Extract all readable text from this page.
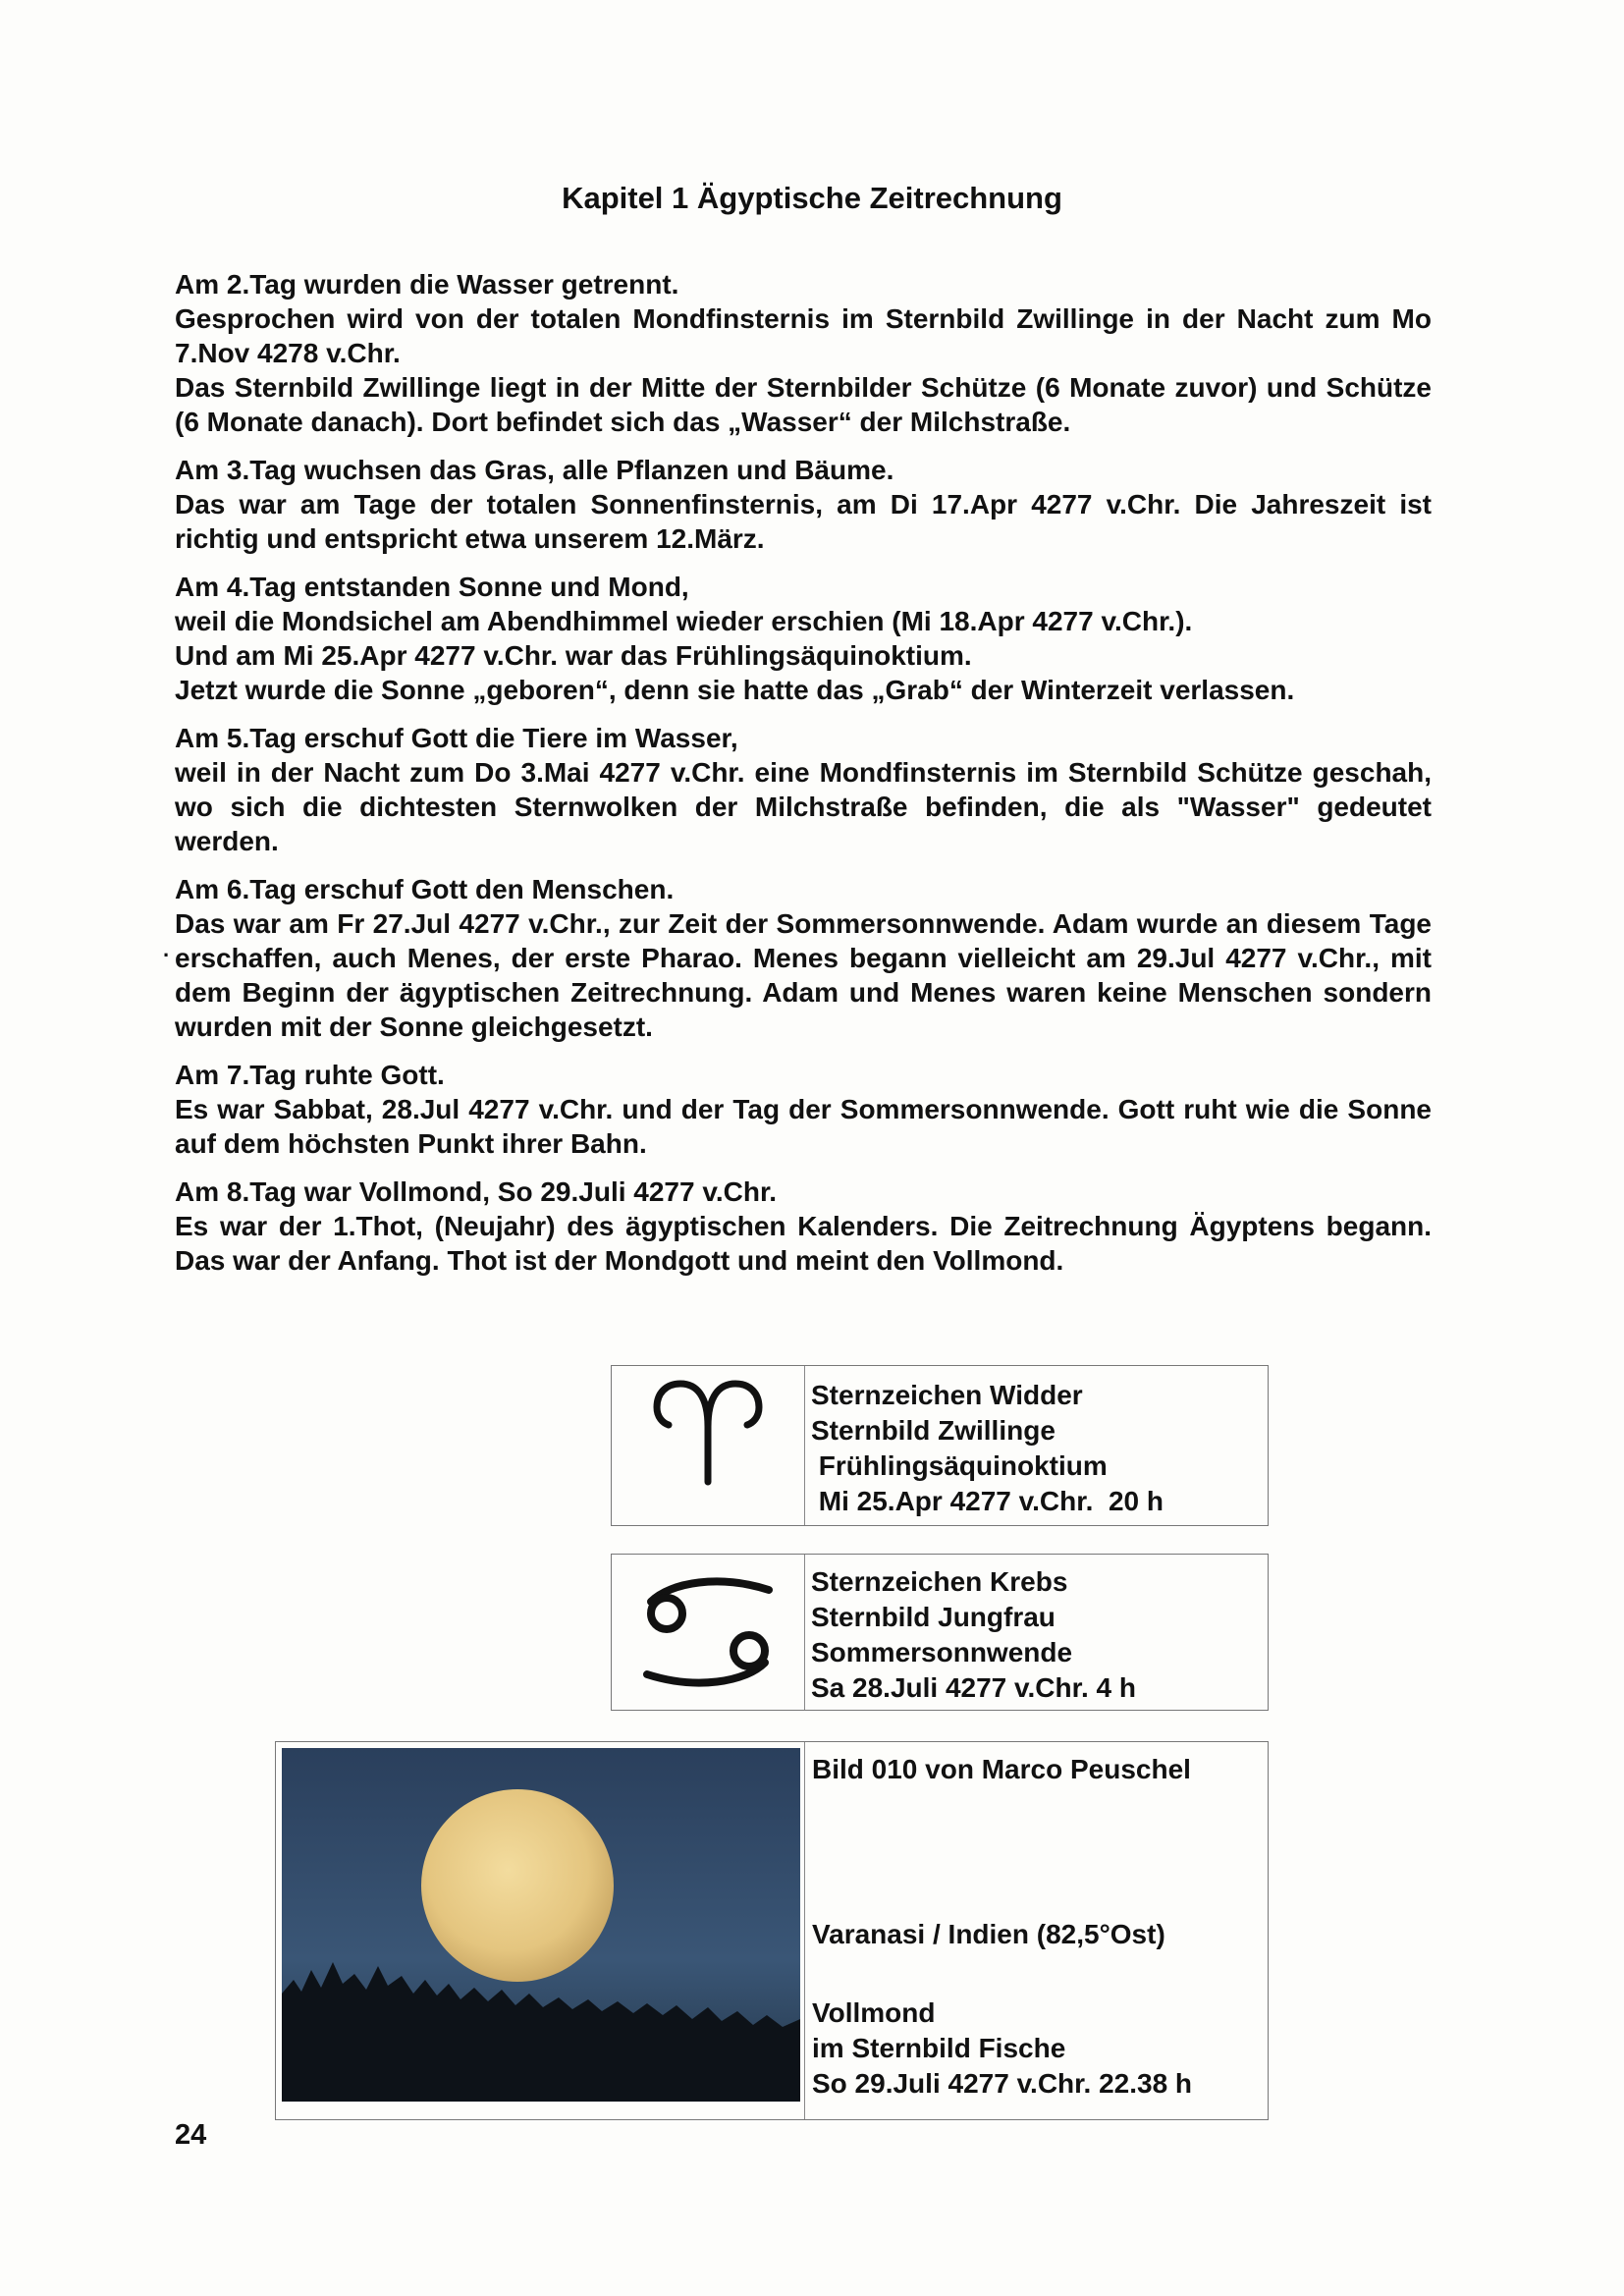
Kapitel 1 Ägyptische Zeitrechnung

Am 2.Tag wurden die Wasser getrennt.

Gesprochen wird von der totalen Mondfinsternis im Sternbild Zwillinge in der Nacht zum Mo 7.Nov 4278 v.Chr.

Das Sternbild Zwillinge liegt in der Mitte der Sternbilder Schütze (6 Monate zuvor) und Schütze (6 Monate danach). Dort befindet sich das „Wasser“ der Milchstraße.

Am 3.Tag wuchsen das Gras, alle Pflanzen und Bäume.

Das war am Tage der totalen Sonnenfinsternis, am Di 17.Apr 4277 v.Chr. Die Jahreszeit ist richtig und entspricht etwa unserem 12.März.

Am 4.Tag entstanden Sonne und Mond,

weil die Mondsichel am Abendhimmel wieder erschien (Mi 18.Apr 4277 v.Chr.).

Und am Mi 25.Apr 4277 v.Chr. war das Frühlingsäquinoktium.

Jetzt wurde die Sonne „geboren“, denn sie hatte das „Grab“ der Winterzeit verlassen.

Am 5.Tag erschuf Gott die Tiere im Wasser,

weil in der Nacht zum Do 3.Mai 4277 v.Chr. eine Mondfinsternis im Sternbild Schütze geschah, wo sich die dichtesten Sternwolken der Milchstraße befinden, die als "Wasser" gedeutet werden.

Am 6.Tag erschuf Gott den Menschen.

Das war am Fr 27.Jul 4277 v.Chr., zur Zeit der Sommersonnwende. Adam wurde an diesem Tage erschaffen, auch Menes, der erste Pharao. Menes begann vielleicht am 29.Jul 4277 v.Chr., mit dem Beginn der ägyptischen Zeitrechnung. Adam und Menes waren keine Menschen sondern wurden mit der Sonne gleichgesetzt.

Am 7.Tag ruhte Gott.

Es war Sabbat, 28.Jul 4277 v.Chr. und der Tag der Sommersonnwende. Gott ruht wie die Sonne auf dem höchsten Punkt ihrer Bahn.

Am 8.Tag war Vollmond, So 29.Juli 4277 v.Chr.

Es war der 1.Thot, (Neujahr) des ägyptischen Kalenders. Die Zeitrechnung Ägyptens begann. Das war der Anfang. Thot ist der Mondgott und meint den Vollmond.

·
Sternzeichen Widder
Sternbild Zwillinge
Frühlingsäquinoktium
Mi 25.Apr 4277 v.Chr.  20 h
Sternzeichen Krebs
Sternbild Jungfrau
Sommersonnwende
Sa 28.Juli 4277 v.Chr. 4 h
Bild 010 von Marco Peuschel
Varanasi / Indien (82,5°Ost)
Vollmond
im Sternbild Fische
So 29.Juli 4277 v.Chr. 22.38 h
24
